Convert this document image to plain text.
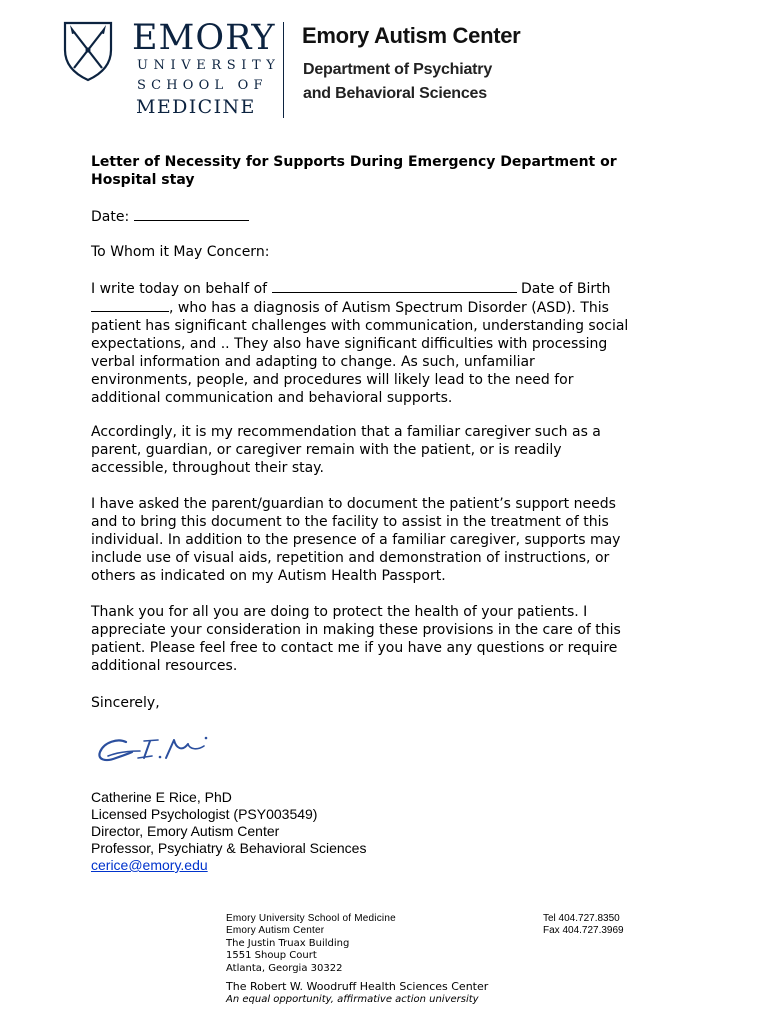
EMORY
UNIVERSITY
SCHOOL OF
MEDICINE
Emory Autism Center
Department of Psychiatry
and Behavioral Sciences
Letter of Necessity for Supports During Emergency Department or
Hospital stay
Date:
To Whom it May Concern:
I write today on behalf of	Date of Birth
, who has a diagnosis of Autism Spectrum Disorder (ASD). This
patient has significant challenges with communication, understanding social
expectations, and .. They also have significant difficulties with processing
verbal information and adapting to change. As such, unfamiliar
environments, people, and procedures will likely lead to the need for
additional communication and behavioral supports.
Accordingly, it is my recommendation that a familiar caregiver such as a
parent, guardian, or caregiver remain with the patient, or is readily
accessible, throughout their stay.
I have asked the parent/guardian to document the patient’s support needs
and to bring this document to the facility to assist in the treatment of this
individual. In addition to the presence of a familiar caregiver, supports may
include use of visual aids, repetition and demonstration of instructions, or
others as indicated on my Autism Health Passport.
Thank you for all you are doing to protect the health of your patients. I
appreciate your consideration in making these provisions in the care of this
patient. Please feel free to contact me if you have any questions or require
additional resources.
Sincerely,
Catherine E Rice, PhD
Licensed Psychologist (PSY003549)
Director, Emory Autism Center
Professor, Psychiatry & Behavioral Sciences
cerice@emory.edu
Emory University School of Medicine
Emory Autism Center
The Justin Truax Building
1551 Shoup Court
Atlanta, Georgia 30322
Tel 404.727.8350
Fax 404.727.3969
The Robert W. Woodruff Health Sciences Center
An equal opportunity, affirmative action university
